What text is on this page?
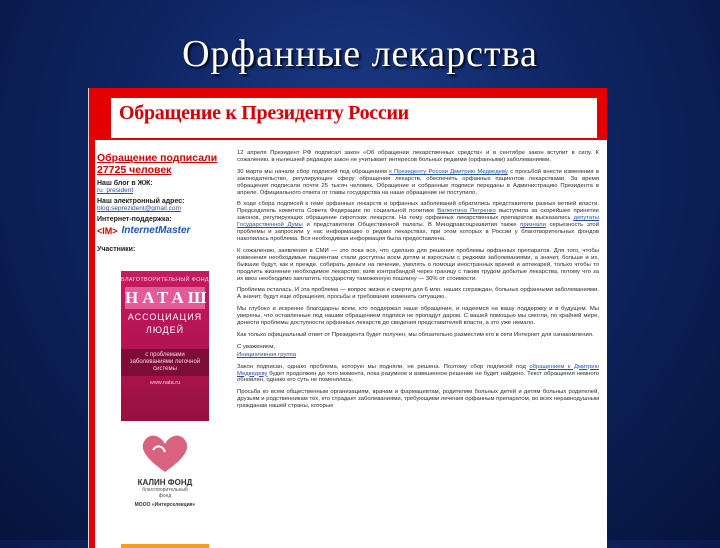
Орфанные лекарства
Обращение к Президенту России
Обращение подписали
27725 человек
Наш блог в ЖЖ:
ru_president
Наш электронный адрес:
blog.seprezident@gmail.com
Интернет-поддержка:
<IM> InternetMaster
Участники:
БЛАГОТВОРИТЕЛЬНЫЙ ФОНД
НАТАША
АССОЦИАЦИЯ
ЛЮДЕЙ
с проблемами заболеваниями легочной системы
www.nata.ru
КАЛИН ФОНД
благотворительный
фонд
МООО «Интерселекция»

12 апреля Президент РФ подписал закон «Об обращении лекарственных средств» и в сентябре закон вступит в силу. К сожалению, в нынешней редакции закон не учитывает интересов больных редкими (орфанными) заболеваниями.

30 марта мы начали сбор подписей под обращением к Президенту России Дмитрию Медведеву с просьбой внести изменения в законодательство, регулирующее сферу обращения лекарств, обеспечить орфанных пациентов лекарствами. За время обращения подписали почти 25 тысяч человек. Обращение и собранные подписи переданы в Администрацию Президента в апреле. Официального ответа от главы государства на наше обращение не поступило.

В ходе сбора подписей к теме орфанных лекарств и орфанных заболеваний обратились представители разных ветвей власти. Председатель комитета Совета Федерации по социальной политике Валентина Петренко выступила за скорейшее принятие законов, регулирующих обращение сиротских лекарств. На тему орфанных лекарственных препаратов высказались депутаты Государственной Думы и представители Общественной палаты. В Минздравсоцразвития также признали серьезность этой проблемы и запросили у нас информацию о редких лекарствах, при этом которых в России у благотворительных фондов накопилась проблема. Вся необходимая информация была предоставлена.

К сожалению, заявления в СМИ — это пока все, что сделано для решения проблемы орфанных препаратов. Для того, чтобы изменения необходимые пациентам стали доступны всем детям и взрослым с редкими заболеваниями, а значит, больше и их, бывшие будут, как и прежде, собирать деньги на лечение, умолять о помощи иностранных врачей и аптекарей, только чтобы то продлить жизнение необходимое лекарство; взяв контрабандой через границу с таким трудом добытые лекарства, потому что за их ввоз необходимо заплатить государству таможенную пошлину — 30% от стоимости.

Проблема осталась. И эта проблема — вопрос жизни и смерти для 6 млн. наших сограждан, больных орфанными заболеваниями. А значит, будут еще обращения, просьбы и требования изменить ситуацию.

Мы глубоко и искренне благодарны всем, кто поддержал наше обращение, и надеемся на вашу поддержку и в будущем. Мы уверены, что оставленные под нашим обращением подписи не пропадут даром. С вашей помощью мы смогли, по крайней мере, донести проблемы доступности орфанных лекарств до сведения представителей власти, а это уже немало.

Как только официальный ответ от Президента будет получен, мы обязательно разместим его в сети Интернет для ознакомления.

С уважением,

Инициативная группа

Закон подписан, однако проблема, которую мы подняли, не решена. Поэтому сбор подписей под обращением к Дмитрию Медведеву будет продолжен до того момента, пока разумное и взвешенное решение не будет найдено. Текст обращения немного обновлен, однако его суть не поменялась.

Просьба ко всем общественным организациям, врачам и фармацевтам, родителям больных детей и детям больных родителей, друзьям и родственникам тех, кто страдает заболеваниями, требующими лечения орфанным препаратом, во всех неравнодушным гражданам нашей страны, которые
